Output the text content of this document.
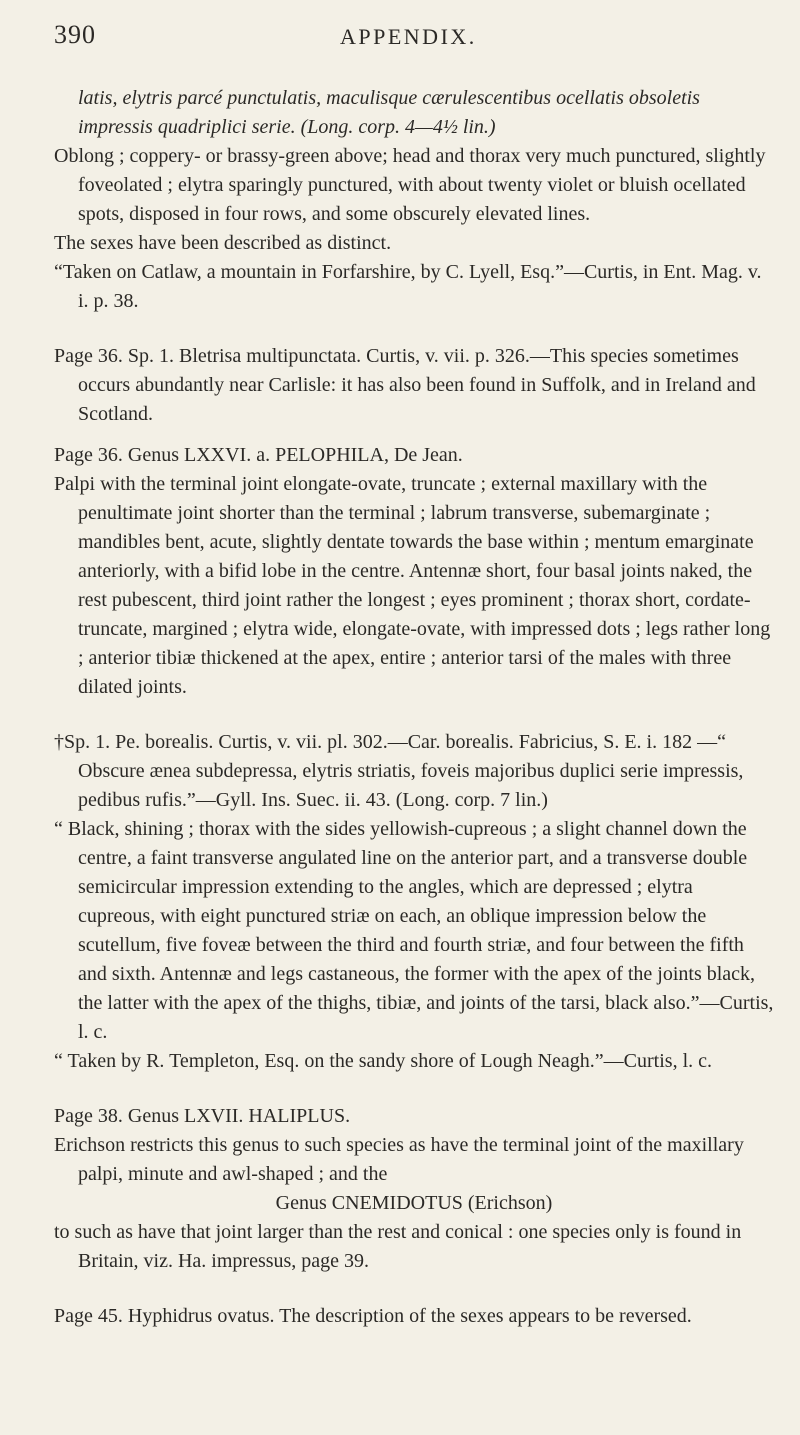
390	APPENDIX.

latis, elytris parcé punctulatis, maculisque cærulescentibus ocellatis obsoletis impressis quadriplici serie. (Long. corp. 4—4½ lin.)

Oblong ; coppery- or brassy-green above; head and thorax very much punctured, slightly foveolated ; elytra sparingly punctured, with about twenty violet or bluish ocellated spots, disposed in four rows, and some obscurely elevated lines.

The sexes have been described as distinct.

“Taken on Catlaw, a mountain in Forfarshire, by C. Lyell, Esq.”—Curtis, in Ent. Mag. v. i. p. 38.

Page 36. Sp. 1. Bletrisa multipunctata. Curtis, v. vii. p. 326.—This species sometimes occurs abundantly near Carlisle: it has also been found in Suffolk, and in Ireland and Scotland.

Page 36. Genus LXXVI. a. PELOPHILA, De Jean.

Palpi with the terminal joint elongate-ovate, truncate ; external maxillary with the penultimate joint shorter than the terminal ; labrum transverse, subemarginate ; mandibles bent, acute, slightly dentate towards the base within ; mentum emarginate anteriorly, with a bifid lobe in the centre. Antennæ short, four basal joints naked, the rest pubescent, third joint rather the longest ; eyes prominent ; thorax short, cordate-truncate, margined ; elytra wide, elongate-ovate, with impressed dots ; legs rather long ; anterior tibiæ thickened at the apex, entire ; anterior tarsi of the males with three dilated joints.

†Sp. 1. Pe. borealis. Curtis, v. vii. pl. 302.—Car. borealis. Fabricius, S. E. i. 182 —“ Obscure ænea subdepressa, elytris striatis, foveis majoribus duplici serie impressis, pedibus rufis.”—Gyll. Ins. Suec. ii. 43. (Long. corp. 7 lin.)

“ Black, shining ; thorax with the sides yellowish-cupreous ; a slight channel down the centre, a faint transverse angulated line on the anterior part, and a transverse double semicircular impression extending to the angles, which are depressed ; elytra cupreous, with eight punctured striæ on each, an oblique impression below the scutellum, five foveæ between the third and fourth striæ, and four between the fifth and sixth. Antennæ and legs castaneous, the former with the apex of the joints black, the latter with the apex of the thighs, tibiæ, and joints of the tarsi, black also.”—Curtis, l. c.

“ Taken by R. Templeton, Esq. on the sandy shore of Lough Neagh.”—Curtis, l. c.

Page 38. Genus LXVII. HALIPLUS.

Erichson restricts this genus to such species as have the terminal joint of the maxillary palpi, minute and awl-shaped ; and the

Genus CNEMIDOTUS (Erichson)

to such as have that joint larger than the rest and conical : one species only is found in Britain, viz. Ha. impressus, page 39.

Page 45. Hyphidrus ovatus. The description of the sexes appears to be reversed.
